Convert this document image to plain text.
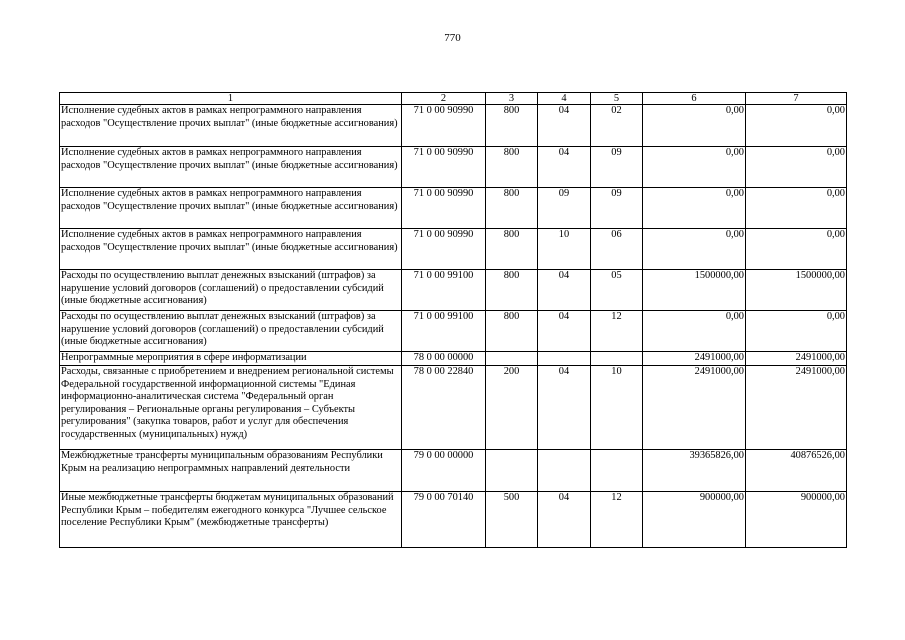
770
1	2	3	4	5	6	7
Исполнение судебных актов в рамках непрограммного направления расходов "Осуществление прочих выплат" (иные бюджетные ассигнования)	71 0 00 90990	800	04	02	0,00	0,00
Исполнение судебных актов в рамках непрограммного направления расходов "Осуществление прочих выплат" (иные бюджетные ассигнования)	71 0 00 90990	800	04	09	0,00	0,00
Исполнение судебных актов в рамках непрограммного направления расходов "Осуществление прочих выплат" (иные бюджетные ассигнования)	71 0 00 90990	800	09	09	0,00	0,00
Исполнение судебных актов в рамках непрограммного направления расходов "Осуществление прочих выплат" (иные бюджетные ассигнования)	71 0 00 90990	800	10	06	0,00	0,00
Расходы по осуществлению выплат денежных взысканий (штрафов) за нарушение условий договоров (соглашений) о предоставлении субсидий (иные бюджетные ассигнования)	71 0 00 99100	800	04	05	1500000,00	1500000,00
Расходы по осуществлению выплат денежных взысканий (штрафов) за нарушение условий договоров (соглашений) о предоставлении субсидий (иные бюджетные ассигнования)	71 0 00 99100	800	04	12	0,00	0,00
Непрограммные мероприятия в сфере информатизации	78 0 00 00000				2491000,00	2491000,00
Расходы, связанные с приобретением и внедрением региональной системы Федеральной государственной информационной системы "Единая информационно-аналитическая система "Федеральный орган регулирования – Региональные органы регулирования – Субъекты регулирования" (закупка товаров, работ и услуг для обеспечения государственных (муниципальных) нужд)	78 0 00 22840	200	04	10	2491000,00	2491000,00
Межбюджетные трансферты муниципальным образованиям Республики Крым на реализацию непрограммных направлений деятельности	79 0 00 00000				39365826,00	40876526,00
Иные межбюджетные трансферты бюджетам муниципальных образований Республики Крым – победителям ежегодного конкурса "Лучшее сельское поселение Республики Крым" (межбюджетные трансферты)	79 0 00 70140	500	04	12	900000,00	900000,00
